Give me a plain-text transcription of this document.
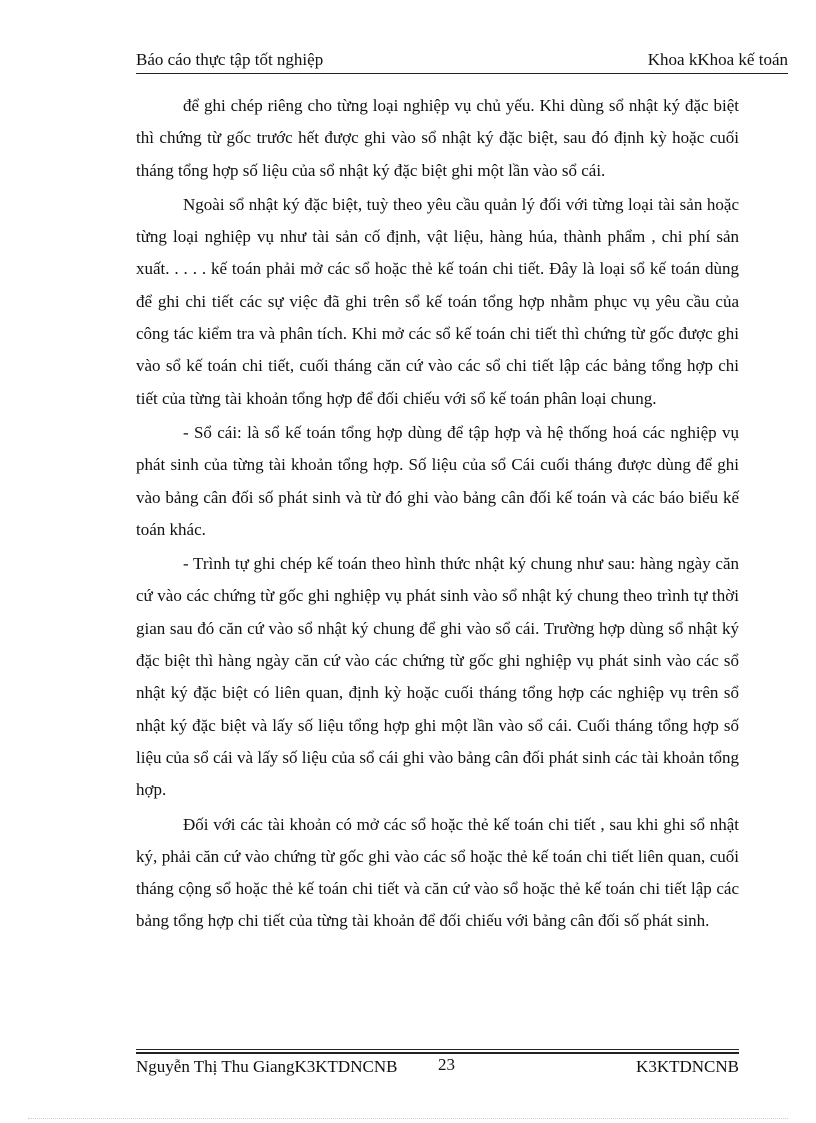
Báo cáo thực tập tốt nghiệp	Khoa kKhoa kế toán

để ghi chép riêng cho từng loại nghiệp vụ chủ yếu. Khi dùng sổ nhật ký đặc biệt thì chứng từ gốc trước hết được ghi vào sổ nhật ký đặc biệt, sau đó định kỳ hoặc cuối tháng tổng hợp số liệu của sổ nhật ký đặc biệt ghi một lần vào sổ cái.

Ngoài sổ nhật ký đặc biệt, tuỳ theo yêu cầu quản lý đối với từng loại tài sản hoặc từng loại nghiệp vụ như tài sản cố định, vật liệu, hàng húa, thành phẩm , chi phí sản xuất. . . . . kế toán phải mở các sổ hoặc thẻ kế toán chi tiết. Đây là loại sổ kế toán dùng để ghi chi tiết các sự việc đã ghi trên sổ kế toán tổng hợp nhằm phục vụ yêu cầu của công tác kiểm tra và phân tích. Khi mở các sổ kế toán chi tiết thì chứng từ gốc được ghi vào sổ kế toán chi tiết, cuối tháng căn cứ vào các sổ chi tiết lập các bảng tổng hợp chi tiết của từng tài khoản tổng hợp để đối chiếu với sổ kế toán phân loại chung.

- Sổ cái: là sổ kế toán tổng hợp dùng để tập hợp và hệ thống hoá các nghiệp vụ phát sinh của từng tài khoản tổng hợp. Số liệu của sổ Cái cuối tháng được dùng để ghi vào bảng cân đối số phát sinh và từ đó ghi vào bảng cân đối kế toán và các báo biểu kế toán khác.

- Trình tự ghi chép kế toán theo hình thức nhật ký chung như sau: hàng ngày căn cứ vào các chứng từ gốc ghi nghiệp vụ phát sinh vào sổ nhật ký chung theo trình tự thời gian sau đó căn cứ vào sổ nhật ký chung để ghi vào sổ cái. Trường hợp dùng sổ nhật ký đặc biệt thì hàng ngày căn cứ vào các chứng từ gốc ghi nghiệp vụ phát sinh vào các sổ nhật ký đặc biệt có liên quan, định kỳ hoặc cuối tháng tổng hợp các nghiệp vụ trên sổ nhật ký đặc biệt và lấy số liệu tổng hợp ghi một lần vào sổ cái. Cuối tháng tổng hợp số liệu của sổ cái và lấy số liệu của sổ cái ghi vào bảng cân đối phát sinh các tài khoản tổng hợp.

Đối với các tài khoản có mở các sổ hoặc thẻ kế toán chi tiết , sau khi ghi sổ nhật ký, phải căn cứ vào chứng từ gốc ghi vào các sổ hoặc thẻ kế toán chi tiết liên quan, cuối tháng cộng sổ hoặc thẻ kế toán chi tiết và căn cứ vào sổ hoặc thẻ kế toán chi tiết lập các bảng tổng hợp chi tiết của từng tài khoản để đối chiếu với bảng cân đối số phát sinh.

Nguyễn Thị Thu GiangK3KTDNCNB 23	K3KTDNCNB
